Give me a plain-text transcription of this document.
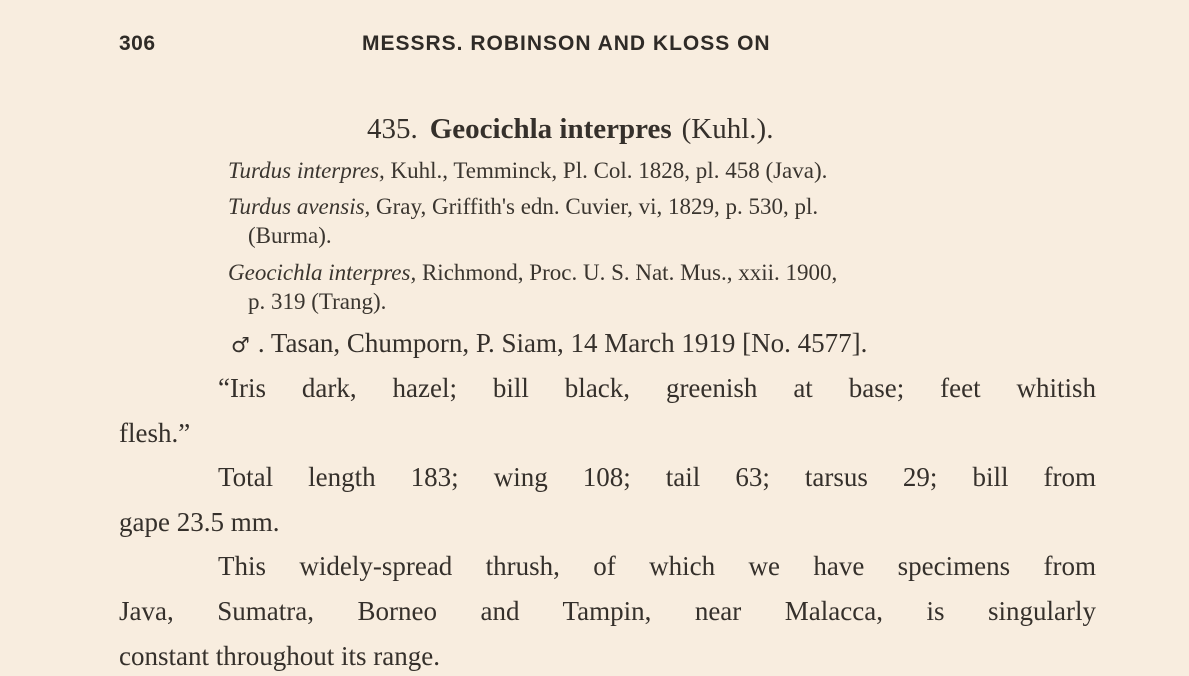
306	MESSRS. ROBINSON AND KLOSS ON
435. Geocichla interpres (Kuhl.).
Turdus interpres, Kuhl., Temminck, Pl. Col. 1828, pl. 458 (Java).
Turdus avensis, Gray, Griffith's edn. Cuvier, vi, 1829, p. 530, pl.
(Burma).
Geocichla interpres, Richmond, Proc. U. S. Nat. Mus., xxii. 1900,
p. 319 (Trang).
♂ . Tasan, Chumporn, P. Siam, 14 March 1919 [No. 4577].
“Iris dark, hazel; bill black, greenish at base; feet whitish
flesh.”
Total length 183; wing 108; tail 63; tarsus 29; bill from
gape 23.5 mm.
This widely-spread thrush, of which we have specimens from
Java, Sumatra, Borneo and Tampin, near Malacca, is singularly
constant throughout its range.
